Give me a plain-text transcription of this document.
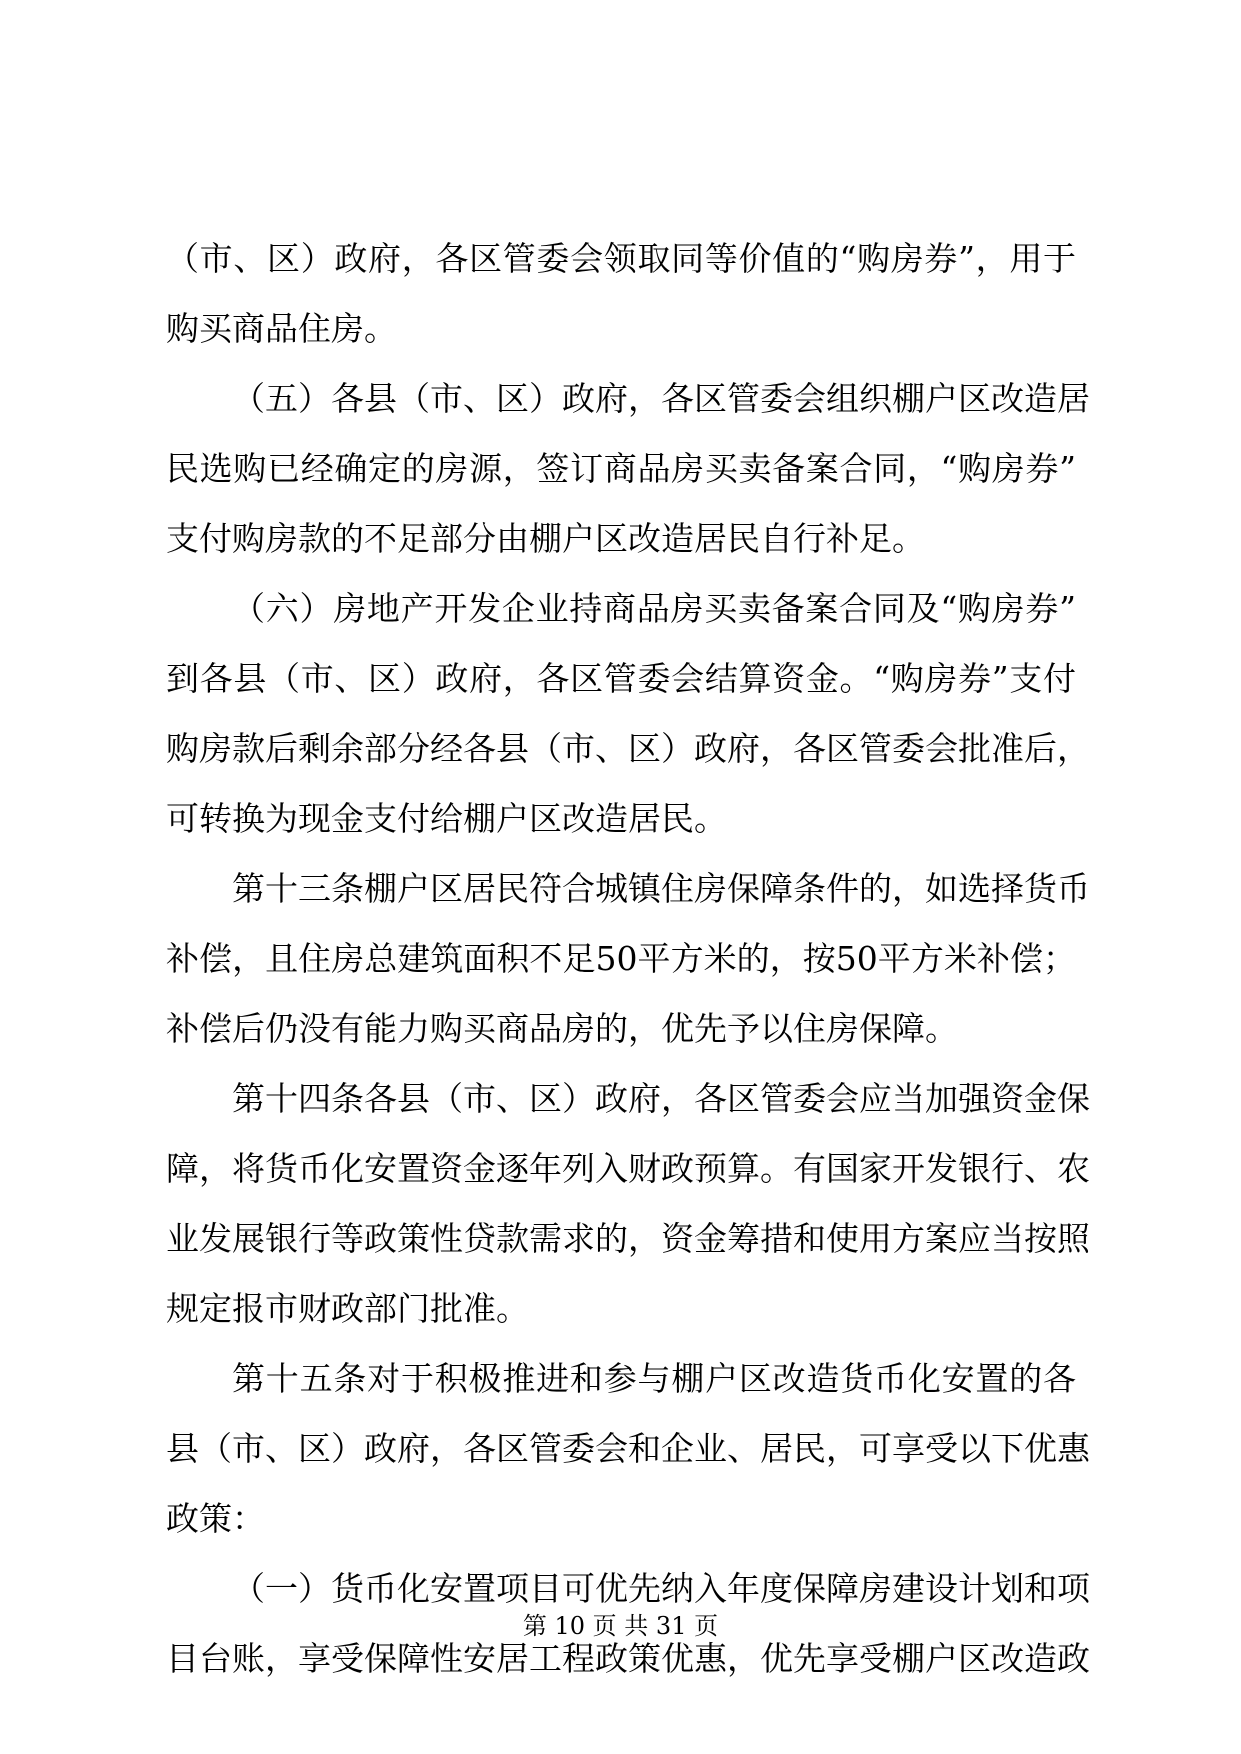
（市、区）政府，各区管委会领取同等价值的“购房券”，用于
购买商品住房。
（五）各县（市、区）政府，各区管委会组织棚户区改造居
民选购已经确定的房源，签订商品房买卖备案合同，“购房券”
支付购房款的不足部分由棚户区改造居民自行补足。
（六）房地产开发企业持商品房买卖备案合同及“购房券”
到各县（市、区）政府，各区管委会结算资金。“购房券”支付
购房款后剩余部分经各县（市、区）政府，各区管委会批准后，
可转换为现金支付给棚户区改造居民。
第十三条棚户区居民符合城镇住房保障条件的，如选择货币
补偿，且住房总建筑面积不足50平方米的，按50平方米补偿；
补偿后仍没有能力购买商品房的，优先予以住房保障。
第十四条各县（市、区）政府，各区管委会应当加强资金保
障，将货币化安置资金逐年列入财政预算。有国家开发银行、农
业发展银行等政策性贷款需求的，资金筹措和使用方案应当按照
规定报市财政部门批准。
第十五条对于积极推进和参与棚户区改造货币化安置的各
县（市、区）政府，各区管委会和企业、居民，可享受以下优惠
政策：
（一）货币化安置项目可优先纳入年度保障房建设计划和项
目台账，享受保障性安居工程政策优惠，优先享受棚户区改造政
第 10 页 共 31 页
